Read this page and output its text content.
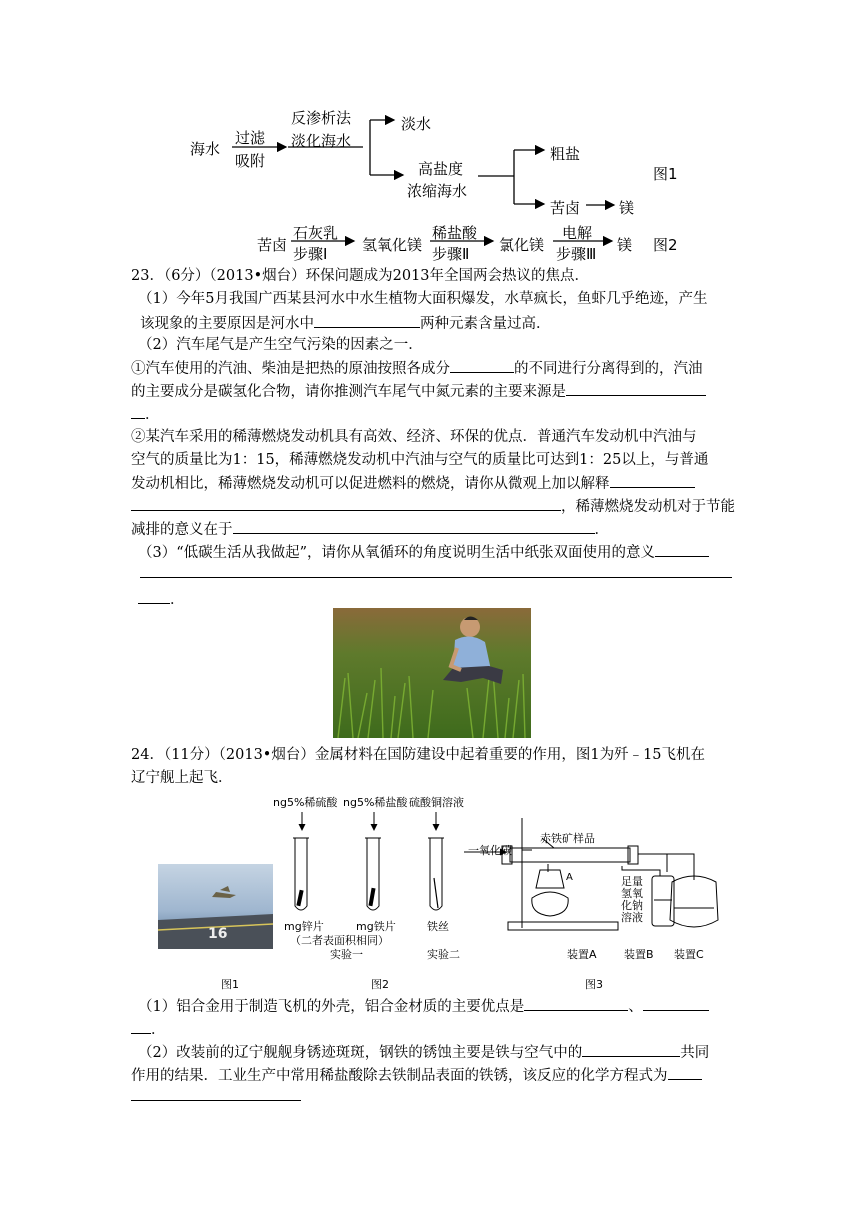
海水
过滤
吸附
反渗析法
淡化海水
淡水
高盐度
浓缩海水
粗盐
苦卤	镁
图1
苦卤
石灰乳
步骤Ⅰ 氢氧化镁
稀盐酸
步骤Ⅱ 氯化镁
电解
步骤Ⅲ 镁 图2
23．（6分）（2013•烟台）环保问题成为2013年全国两会热议的焦点．
（1）今年5月我国广西某县河水中水生植物大面积爆发，水草疯长，鱼虾几乎绝迹，产生
该现象的主要原因是河水中	两种元素含量过高．
（2）汽车尾气是产生空气污染的因素之一．
①汽车使用的汽油、柴油是把热的原油按照各成分	的不同进行分离得到的，汽油
的主要成分是碳氢化合物，请你推测汽车尾气中氮元素的主要来源是
．
②某汽车采用的稀薄燃烧发动机具有高效、经济、环保的优点．普通汽车发动机中汽油与
空气的质量比为1：15，稀薄燃烧发动机中汽油与空气的质量比可达到1：25以上，与普通
发动机相比，稀薄燃烧发动机可以促进燃料的燃烧，请你从微观上加以解释
，稀薄燃烧发动机对于节能
减排的意义在于	．
（3）“低碳生活从我做起”，请你从氧循环的角度说明生活中纸张双面使用的意义
．
24．（11分）（2013•烟台）金属材料在国防建设中起着重要的作用，图1为歼﹣15飞机在
辽宁舰上起飞．
16
ng5%稀硫酸 ng5%稀盐酸 硫酸铜溶液
mg锌片	mg铁片
（二者表面积相同）
实验一
铁丝
实验二
一氧化碳
赤铁矿样品
A	足量
氢氧
化钠
溶液
装置A 装置B 装置C
图1	图2	图3
（1）铝合金用于制造飞机的外壳，铝合金材质的主要优点是	、
．
（2）改装前的辽宁舰舰身锈迹斑斑，钢铁的锈蚀主要是铁与空气中的	共同
作用的结果．工业生产中常用稀盐酸除去铁制品表面的铁锈，该反应的化学方程式为
